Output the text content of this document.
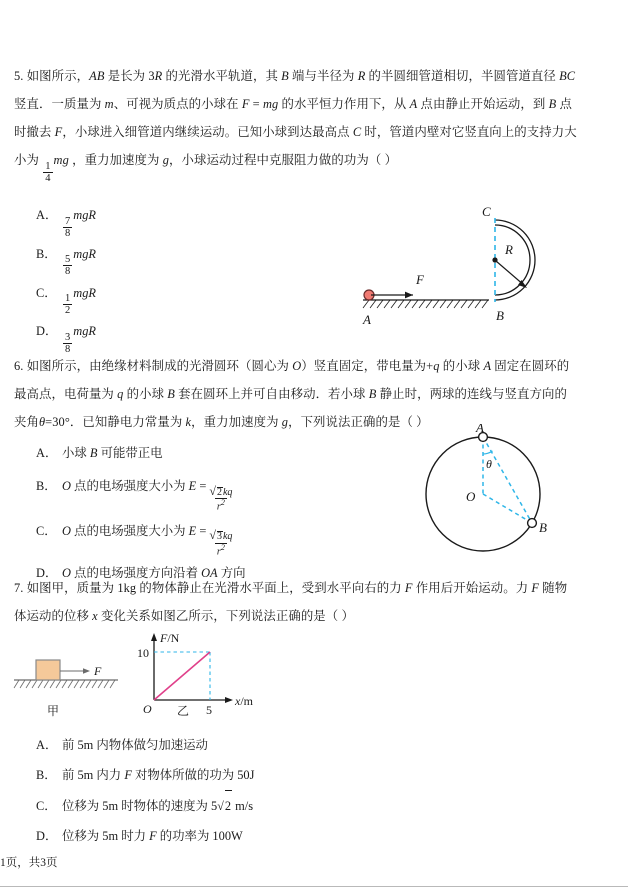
5. 如图所示，AB 是长为 3R 的光滑水平轨道，其 B 端与半径为 R 的半圆细管道相切，半圆管道直径 BC
竖直．一质量为 m、可视为质点的小球在 F = mg 的水平恒力作用下，从 A 点由静止开始运动，到 B 点
时撤去 F，小球进入细管道内继续运动。已知小球到达最高点 C 时，管道内壁对它竖直向上的支持力大
小为
$\frac{1}{4}$
mg ，重力加速度为 g，小球运动过程中克服阻力做的功为（ ）
A．
$\frac{7}{8}$
mgR
B．
$\frac{5}{8}$
mgR
C．
$\frac{1}{2}$
mgR
D．
$\frac{3}{8}$
mgR
R
C
B
A
F
6. 如图所示，由绝缘材料制成的光滑圆环（圆心为 O）竖直固定，带电量为+q 的小球 A 固定在圆环的
最高点，电荷量为 q 的小球 B 套在圆环上并可自由移动．若小球 B 静止时，两球的连线与竖直方向的
夹角θ=30°．已知静电力常量为 k，重力加速度为 g，下列说法正确的是（ ）
A． 小球 B 可能带正电
B． O 点的电场强度大小为 $E = \frac{√2kq}{r^2}$
C． O 点的电场强度大小为 $E = \frac{√3kq}{r^2}$
D． O 点的电场强度方向沿着 OA 方向
A
B
O
θ
7. 如图甲，质量为 1kg 的物体静止在光滑水平面上，受到水平向右的力 F 作用后开始运动。力 F 随物
体运动的位移 x 变化关系如图乙所示，下列说法正确的是（ ）
F
甲
F/N
x/m
10
5
O 乙
A． 前 5m 内物体做匀加速运动
B． 前 5m 内力 F 对物体所做的功为 50J
C． 位移为 5m 时物体的速度为 5√2 m/s
D． 位移为 5m 时力 F 的功率为 100W
1页，共3页
